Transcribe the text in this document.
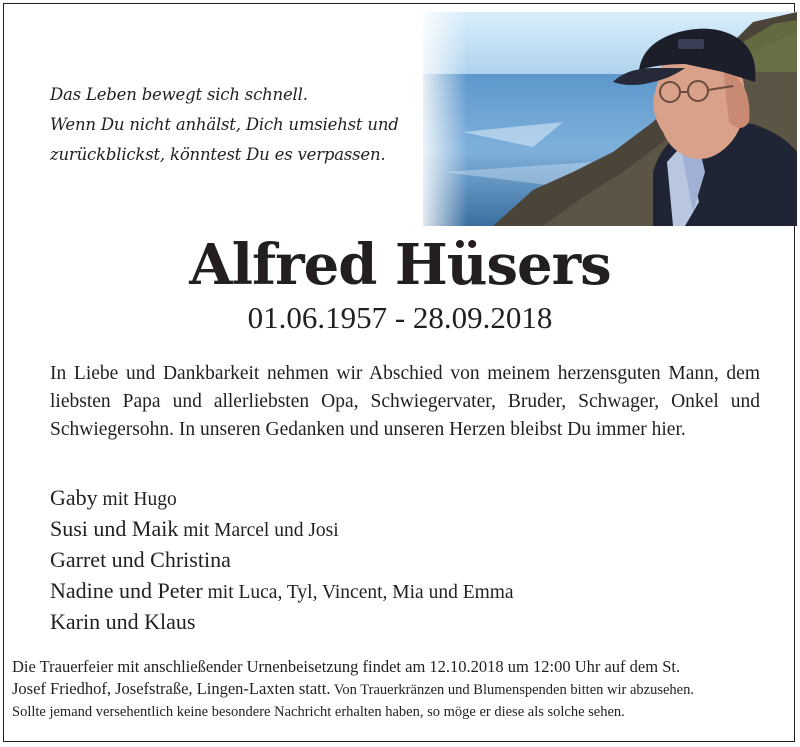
Das Leben bewegt sich schnell.
Wenn Du nicht anhälst, Dich umsiehst und
zurückblickst, könntest Du es verpassen.
Alfred Hüsers
01.06.1957 - 28.09.2018

In Liebe und Dankbarkeit nehmen wir Abschied von meinem herzensguten Mann, dem liebsten Papa und allerliebsten Opa, Schwiegervater, Bruder, Schwager, Onkel und Schwiegersohn. In unseren Gedanken und unseren Herzen bleibst Du immer hier.

Gaby mit Hugo
Susi und Maik mit Marcel und Josi
Garret und Christina
Nadine und Peter mit Luca, Tyl, Vincent, Mia und Emma
Karin und Klaus
Die Trauerfeier mit anschließender Urnenbeisetzung findet am 12.10.2018 um 12:00 Uhr auf dem St.
Josef Friedhof, Josefstraße, Lingen-Laxten statt. Von Trauerkränzen und Blumenspenden bitten wir abzusehen.
Sollte jemand versehentlich keine besondere Nachricht erhalten haben, so möge er diese als solche sehen.
